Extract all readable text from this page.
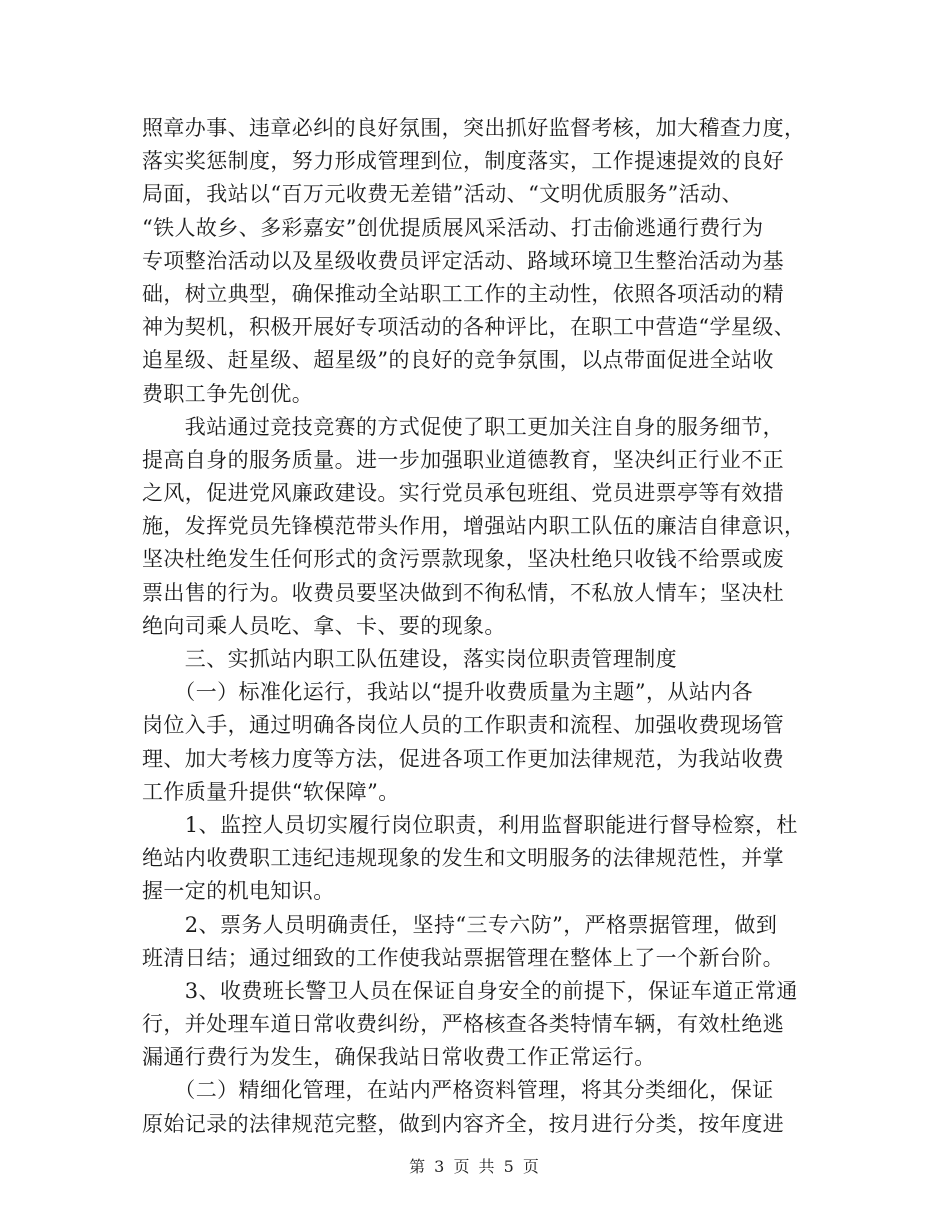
照章办事、违章必纠的良好氛围，突出抓好监督考核，加大稽查力度，
落实奖惩制度，努力形成管理到位，制度落实，工作提速提效的良好
局面，我站以“百万元收费无差错”活动、“文明优质服务”活动、
“铁人故乡、多彩嘉安”创优提质展风采活动、打击偷逃通行费行为
专项整治活动以及星级收费员评定活动、路域环境卫生整治活动为基
础，树立典型，确保推动全站职工工作的主动性，依照各项活动的精
神为契机，积极开展好专项活动的各种评比，在职工中营造“学星级、
追星级、赶星级、超星级”的良好的竞争氛围，以点带面促进全站收
费职工争先创优。
　　我站通过竞技竞赛的方式促使了职工更加关注自身的服务细节，
提高自身的服务质量。进一步加强职业道德教育，坚决纠正行业不正
之风，促进党风廉政建设。实行党员承包班组、党员进票亭等有效措
施，发挥党员先锋模范带头作用，增强站内职工队伍的廉洁自律意识，
坚决杜绝发生任何形式的贪污票款现象，坚决杜绝只收钱不给票或废
票出售的行为。收费员要坚决做到不徇私情，不私放人情车；坚决杜
绝向司乘人员吃、拿、卡、要的现象。
　　三、实抓站内职工队伍建设，落实岗位职责管理制度
　　（一）标准化运行，我站以“提升收费质量为主题”，从站内各
岗位入手，通过明确各岗位人员的工作职责和流程、加强收费现场管
理、加大考核力度等方法，促进各项工作更加法律规范，为我站收费
工作质量升提供“软保障”。
　　1、监控人员切实履行岗位职责，利用监督职能进行督导检察，杜
绝站内收费职工违纪违规现象的发生和文明服务的法律规范性，并掌
握一定的机电知识。
　　2、票务人员明确责任，坚持“三专六防”，严格票据管理，做到
班清日结；通过细致的工作使我站票据管理在整体上了一个新台阶。
　　3、收费班长警卫人员在保证自身安全的前提下，保证车道正常通
行，并处理车道日常收费纠纷，严格核查各类特情车辆，有效杜绝逃
漏通行费行为发生，确保我站日常收费工作正常运行。
　　（二）精细化管理，在站内严格资料管理，将其分类细化，保证
原始记录的法律规范完整，做到内容齐全，按月进行分类，按年度进
第 3 页 共 5 页
